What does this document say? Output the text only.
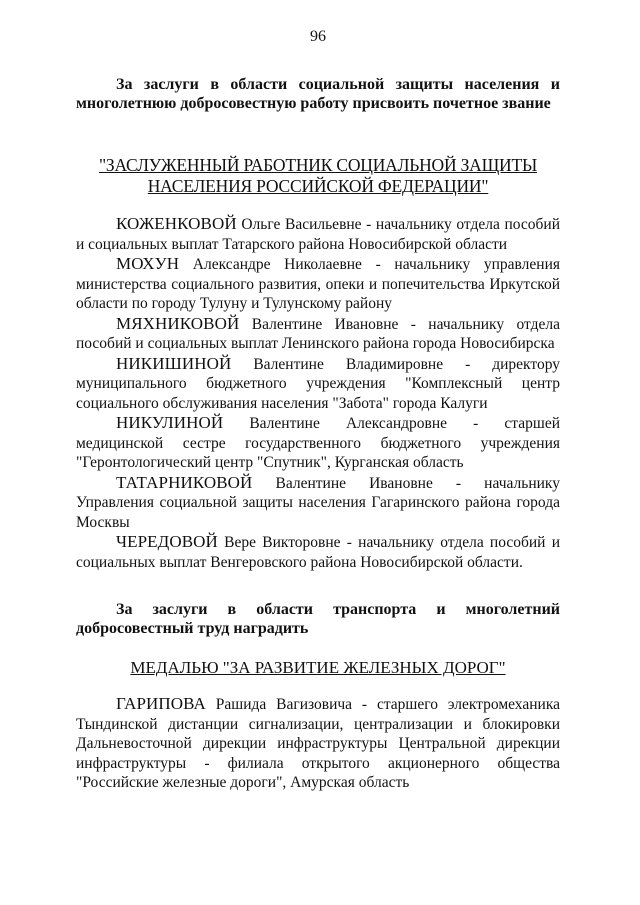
96

За заслуги в области социальной защиты населения и многолетнюю добросовестную работу присвоить почетное звание

"ЗАСЛУЖЕННЫЙ РАБОТНИК СОЦИАЛЬНОЙ ЗАЩИТЫ
НАСЕЛЕНИЯ РОССИЙСКОЙ ФЕДЕРАЦИИ"

КОЖЕНКОВОЙ Ольге Васильевне - начальнику отдела пособий и социальных выплат Татарского района Новосибирской области

МОХУН Александре Николаевне - начальнику управления министерства социального развития, опеки и попечительства Иркутской области по городу Тулуну и Тулунскому району

МЯХНИКОВОЙ Валентине Ивановне - начальнику отдела пособий и социальных выплат Ленинского района города Новосибирска

НИКИШИНОЙ Валентине Владимировне - директору муниципального бюджетного учреждения "Комплексный центр социального обслуживания населения "Забота" города Калуги

НИКУЛИНОЙ Валентине Александровне - старшей медицинской сестре государственного бюджетного учреждения "Геронтологический центр "Спутник", Курганская область

ТАТАРНИКОВОЙ Валентине Ивановне - начальнику Управления социальной защиты населения Гагаринского района города Москвы

ЧЕРЕДОВОЙ Вере Викторовне - начальнику отдела пособий и социальных выплат Венгеровского района Новосибирской области.

За заслуги в области транспорта и многолетний добросовестный труд наградить

МЕДАЛЬЮ "ЗА РАЗВИТИЕ ЖЕЛЕЗНЫХ ДОРОГ"

ГАРИПОВА Рашида Вагизовича - старшего электромеханика Тындинской дистанции сигнализации, централизации и блокировки Дальневосточной дирекции инфраструктуры Центральной дирекции инфраструктуры - филиала открытого акционерного общества "Российские железные дороги", Амурская область
